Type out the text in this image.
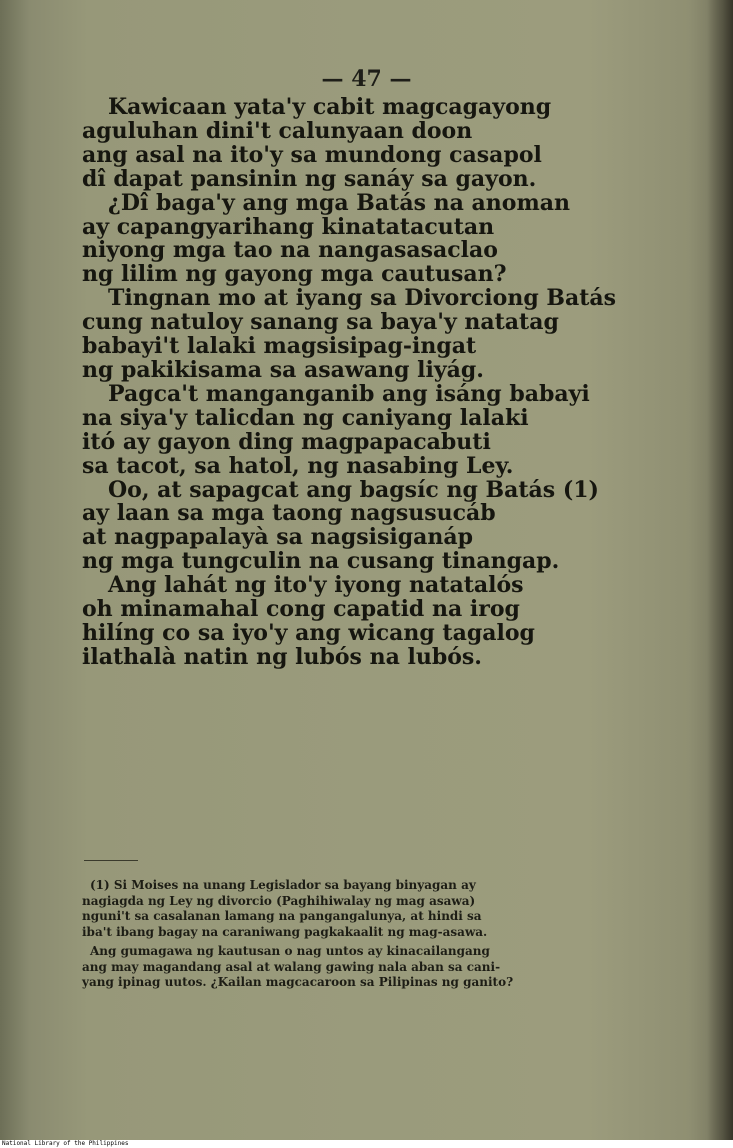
— 47 —

Kawicaan yata'y cabit magcagayong
aguluhan dini't calunyaan doon
ang asal na ito'y sa mundong casapol
dî dapat pansinin ng sanáy sa gayon.

¿Dî baga'y ang mga Batás na anoman
ay capangyarihang kinatatacutan
niyong mga tao na nangasasaclao
ng lilim ng gayong mga cautusan?

Tingnan mo at iyang sa Divorciong Batás
cung natuloy sanang sa baya'y natatag
babayi't lalaki magsisipag-ingat
ng pakikisama sa asawang liyág.

Pagca't manganganib ang isáng babayi
na siya'y talicdan ng caniyang lalaki
itó ay gayon ding magpapacabuti
sa tacot, sa hatol, ng nasabing Ley.

Oo, at sapagcat ang bagsíc ng Batás (1)
ay laan sa mga taong nagsusucáb
at nagpapalayà sa nagsisiganáp
ng mga tungculin na cusang tinangap.

Ang lahát ng ito'y iyong natatalós
oh minamahal cong capatid na irog
hilíng co sa iyo'y ang wicang tagalog
ilathalà natin ng lubós na lubós.

(1) Si Moises na unang Legislador sa bayang binyagan ay
nagiagda ng Ley ng divorcio (Paghihiwalay ng mag asawa)
nguni't sa casalanan lamang na pangangalunya, at hindi sa
iba't ibang bagay na caraniwang pagkakaalit ng mag-asawa.

Ang gumagawa ng kautusan o nag untos ay kinacailangang
ang may magandang asal at walang gawing nala aban sa cani-
yang ipinag uutos. ¿Kailan magcacaroon sa Pilipinas ng ganito?

National Library of the Philippines
